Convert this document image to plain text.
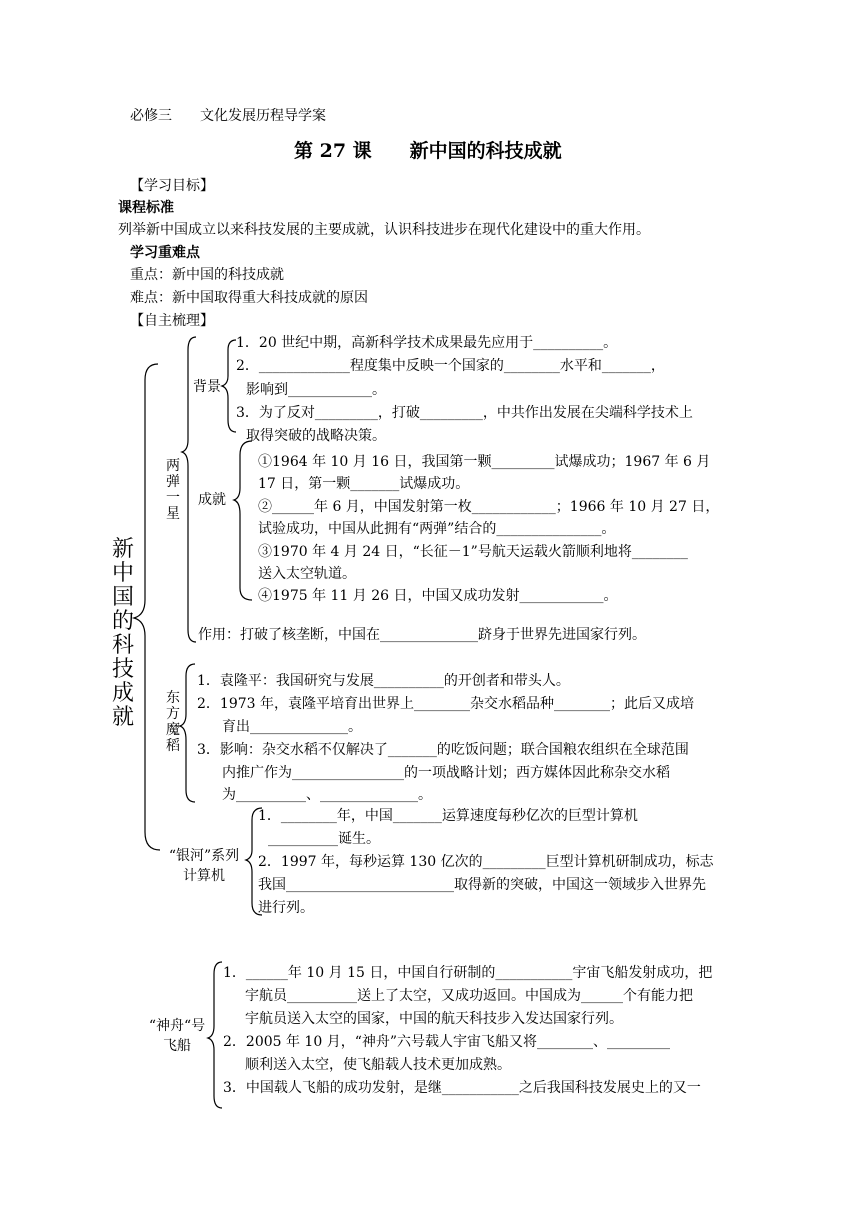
必修三　　文化发展历程导学案
第 27 课　　新中国的科技成就
【学习目标】
课程标准
列举新中国成立以来科技发展的主要成就，认识科技进步在现代化建设中的重大作用。
学习重难点
重点：新中国的科技成就
难点：新中国取得重大科技成就的原因
【自主梳理】
新中国的科技成就
两弹一星
背景
1．20 世纪中期，高新科学技术成果最先应用于__________。
2．_____________程度集中反映一个国家的________水平和_______，
影响到____________。
3．为了反对_________，打破_________，中共作出发展在尖端科学技术上
取得突破的战略决策。
成就
①1964 年 10 月 16 日，我国第一颗_________试爆成功；1967 年 6 月
17 日，第一颗_______试爆成功。
②______年 6 月，中国发射第一枚____________；1966 年 10 月 27 日，
试验成功，中国从此拥有“两弹”结合的_______________。
③1970 年 4 月 24 日，“长征－1”号航天运载火箭顺利地将________
送入太空轨道。
④1975 年 11 月 26 日，中国又成功发射____________。
作用：打破了核垄断，中国在______________跻身于世界先进国家行列。
东方魔稻
1．袁隆平：我国研究与发展__________的开创者和带头人。
2．1973 年，袁隆平培育出世界上________杂交水稻品种________；此后又成培
育出______________。
3．影响：杂交水稻不仅解决了_______的吃饭问题；联合国粮农组织在全球范围
内推广作为________________的一项战略计划；西方媒体因此称杂交水稻
为__________、______________。
“银河”系列计算机
1．________年，中国_______运算速度每秒亿次的巨型计算机
__________诞生。
2．1997 年，每秒运算 130 亿次的_________巨型计算机研制成功，标志
我国________________________取得新的突破，中国这一领域步入世界先
进行列。
“神舟“号飞船
1．______年 10 月 15 日，中国自行研制的___________宇宙飞船发射成功，把
宇航员__________送上了太空，又成功返回。中国成为______个有能力把
宇航员送入太空的国家，中国的航天科技步入发达国家行列。
2．2005 年 10 月，“神舟”六号载人宇宙飞船又将________、_________
顺利送入太空，使飞船载人技术更加成熟。
3．中国载人飞船的成功发射，是继___________之后我国科技发展史上的又一
